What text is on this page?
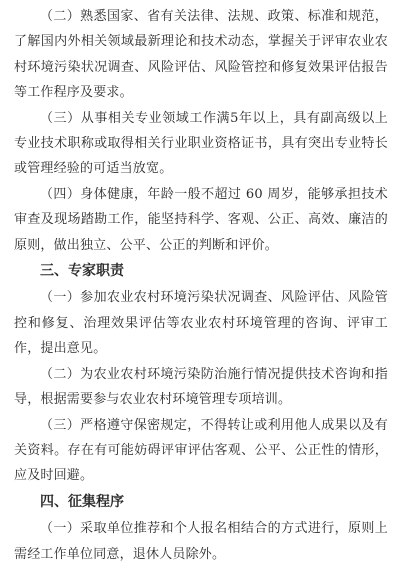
（二）熟悉国家、省有关法律、法规、政策、标准和规范，了解国内外相关领域最新理论和技术动态，掌握关于评审农业农村环境污染状况调查、风险评估、风险管控和修复效果评估报告等工作程序及要求。

（三）从事相关专业领域工作满5年以上，具有副高级以上专业技术职称或取得相关行业职业资格证书，具有突出专业特长或管理经验的可适当放宽。

（四）身体健康，年龄一般不超过 60 周岁，能够承担技术审查及现场踏勘工作，能坚持科学、客观、公正、高效、廉洁的原则，做出独立、公平、公正的判断和评价。

三、专家职责

（一）参加农业农村环境污染状况调查、风险评估、风险管控和修复、治理效果评估等农业农村环境管理的咨询、评审工作，提出意见。

（二）为农业农村环境污染防治施行情况提供技术咨询和指导，根据需要参与农业农村环境管理专项培训。

（三）严格遵守保密规定，不得转让或利用他人成果以及有关资料。存在有可能妨碍评审评估客观、公平、公正性的情形，应及时回避。

四、征集程序

（一）采取单位推荐和个人报名相结合的方式进行，原则上需经工作单位同意，退休人员除外。
